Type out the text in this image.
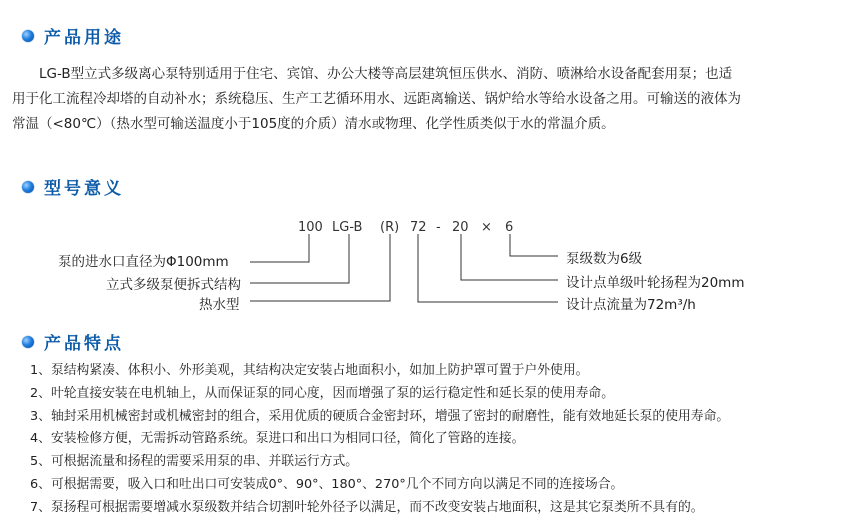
产品用途

LG-B型立式多级离心泵特别适用于住宅、宾馆、办公大楼等高层建筑恒压供水、消防、喷淋给水设备配套用泵；也适

用于化工流程冷却塔的自动补水；系统稳压、生产工艺循环用水、远距离输送、锅炉给水等给水设备之用。可输送的液体为

常温（<80℃）（热水型可输送温度小于105度的介质）清水或物理、化学性质类似于水的常温介质。

型号意义
100 LG-B (R) 72 - 20 × 6
泵的进水口直径为Φ100mm
立式多级泵便拆式结构
热水型
泵级数为6级
设计点单级叶轮扬程为20mm
设计点流量为72m³/h
产品特点
1、泵结构紧凑、体积小、外形美观，其结构决定安装占地面积小，如加上防护罩可置于户外使用。
2、叶轮直接安装在电机轴上，从而保证泵的同心度，因而增强了泵的运行稳定性和延长泵的使用寿命。
3、轴封采用机械密封或机械密封的组合，采用优质的硬质合金密封环，增强了密封的耐磨性，能有效地延长泵的使用寿命。
4、安装检修方便，无需拆动管路系统。泵进口和出口为相同口径，简化了管路的连接。
5、可根据流量和扬程的需要采用泵的串、并联运行方式。
6、可根据需要，吸入口和吐出口可安装成0°、90°、180°、270°几个不同方向以满足不同的连接场合。
7、泵扬程可根据需要增减水泵级数并结合切割叶轮外径予以满足，而不改变安装占地面积，这是其它泵类所不具有的。
